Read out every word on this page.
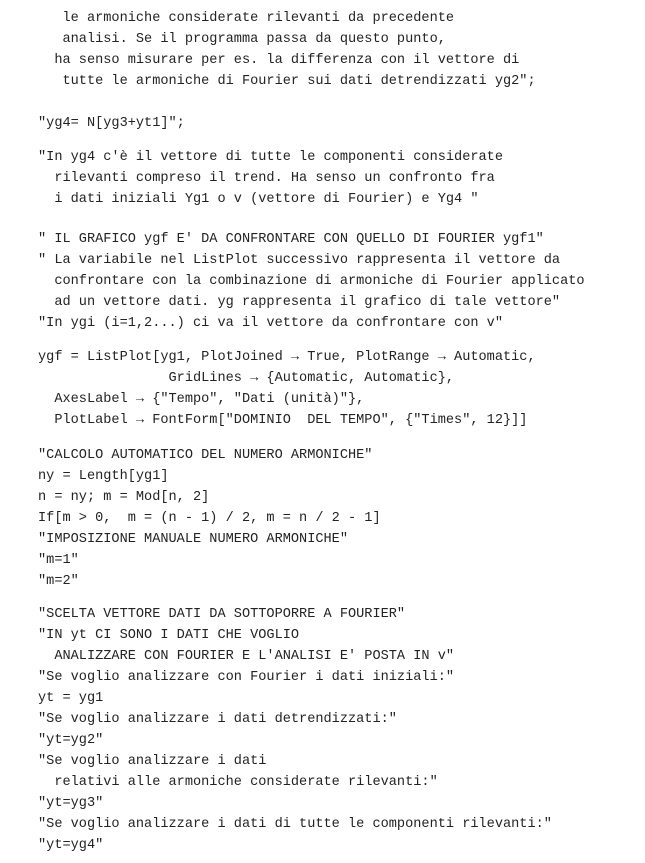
le armoniche considerate rilevanti da precedente
analisi. Se il programma passa da questo punto,
ha senso misurare per es. la differenza con il vettore di
tutte le armoniche di Fourier sui dati detrendizzati yg2";
"yg4= N[yg3+yt1]";
"In yg4 c'è il vettore di tutte le componenti considerate
rilevanti compreso il trend. Ha senso un confronto fra
i dati iniziali Yg1 o v (vettore di Fourier) e Yg4 "
" IL GRAFICO ygf E' DA CONFRONTARE CON QUELLO DI FOURIER ygf1"
" La variabile nel ListPlot successivo rappresenta il vettore da
confrontare con la combinazione di armoniche di Fourier applicato
ad un vettore dati. yg rappresenta il grafico di tale vettore"
"In ygi (i=1,2...) ci va il vettore da confrontare con v"
ygf = ListPlot[yg1, PlotJoined → True, PlotRange → Automatic,
GridLines → {Automatic, Automatic},
AxesLabel → {"Tempo", "Dati (unità)"},
PlotLabel → FontForm["DOMINIO  DEL TEMPO", {"Times", 12}]]
"CALCOLO AUTOMATICO DEL NUMERO ARMONICHE"
ny = Length[yg1]
n = ny; m = Mod[n, 2]
If[m > 0,  m = (n - 1) / 2, m = n / 2 - 1]
"IMPOSIZIONE MANUALE NUMERO ARMONICHE"
"m=1"
"m=2"
"SCELTA VETTORE DATI DA SOTTOPORRE A FOURIER"
"IN yt CI SONO I DATI CHE VOGLIO
ANALIZZARE CON FOURIER E L'ANALISI E' POSTA IN v"
"Se voglio analizzare con Fourier i dati iniziali:"
yt = yg1
"Se voglio analizzare i dati detrendizzati:"
"yt=yg2"
"Se voglio analizzare i dati
relativi alle armoniche considerate rilevanti:"
"yt=yg3"
"Se voglio analizzare i dati di tutte le componenti rilevanti:"
"yt=yg4"
